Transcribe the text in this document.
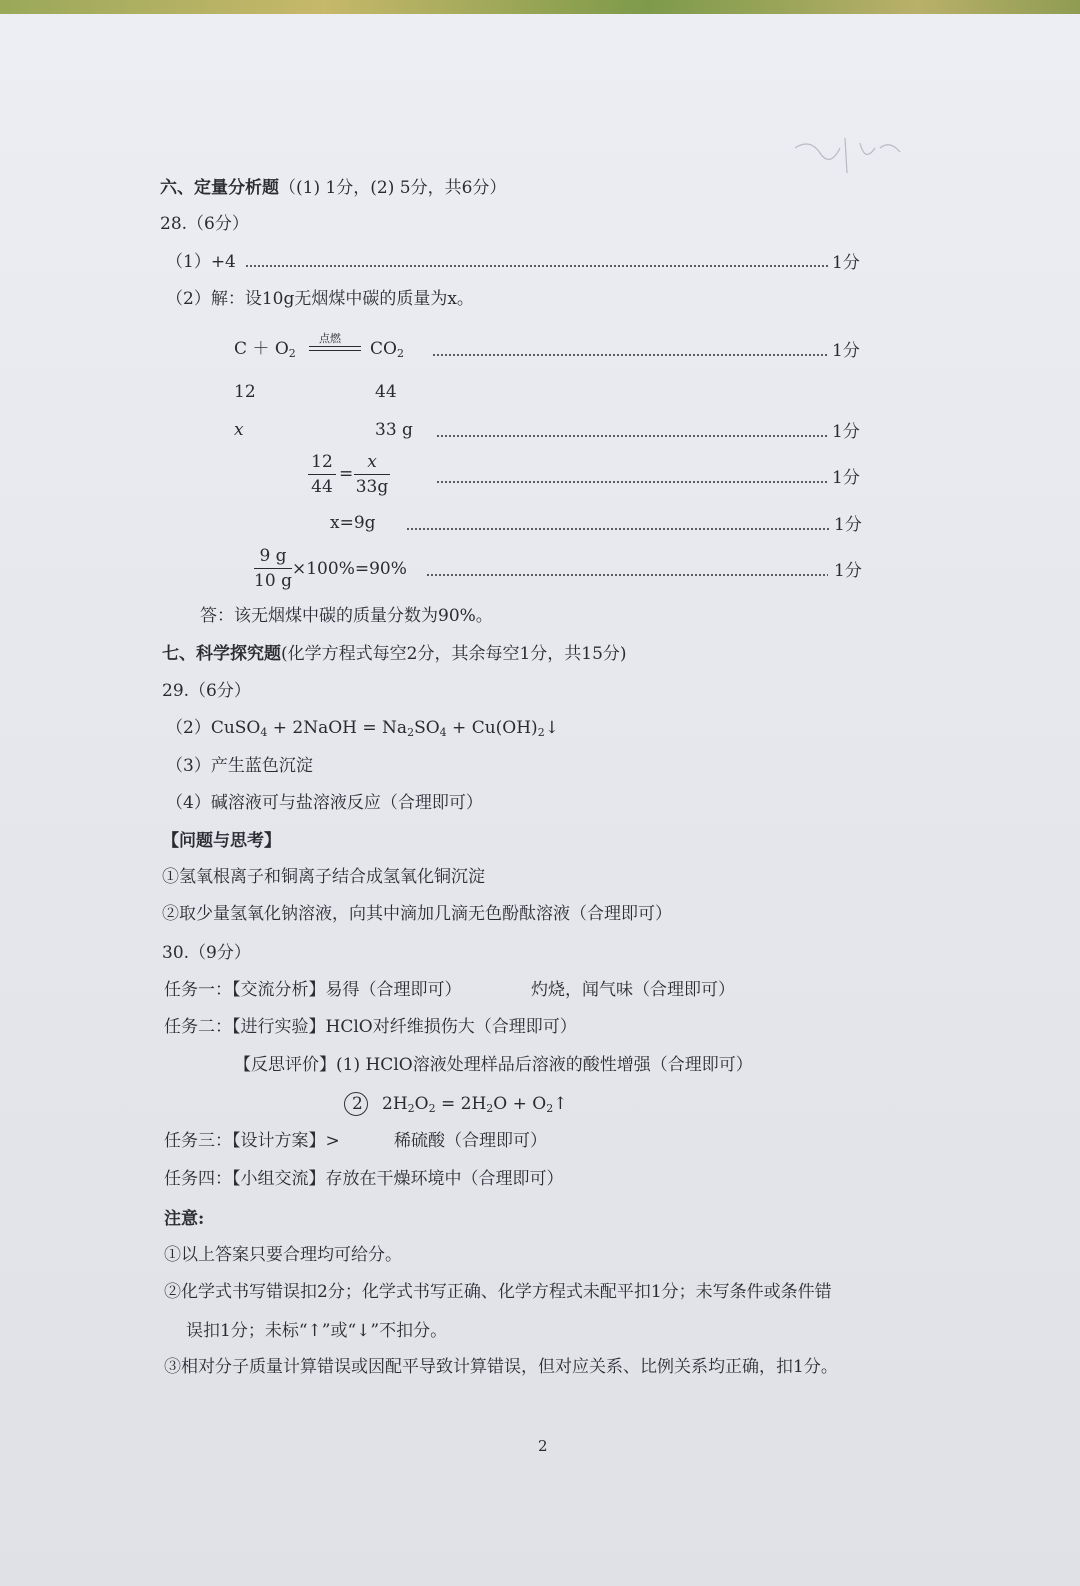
六、定量分析题（(1) 1分，(2) 5分，共6分）
28.（6分）
（1）+4	1分
（2）解：设10g无烟煤中碳的质量为x。
$C + O_2$
点燃
$CO_2$	1分
12	44
x	33 g	1分
$\frac{12}{44} = \frac{x}{33g}$	1分
x=9g	1分
$\frac{9 g}{10 g} \times 100\%=90\%$	1分
答：该无烟煤中碳的质量分数为90%。
七、科学探究题(化学方程式每空2分，其余每空1分，共15分)
29.（6分）
（2）CuSO$_4$ + 2NaOH = $Na_2SO_4$ + $Cu(OH)_2↓$
（3）产生蓝色沉淀
（4）碱溶液可与盐溶液反应（合理即可）
【问题与思考】
①氢氧根离子和铜离子结合成氢氧化铜沉淀
②取少量氢氧化钠溶液，向其中滴加几滴无色酚酞溶液（合理即可）
30.（9分）
任务一：【交流分析】易得（合理即可）	灼烧，闻气味（合理即可）
任务二：【进行实验】HClO对纤维损伤大（合理即可）
【反思评价】(1) HClO溶液处理样品后溶液的酸性增强（合理即可）
2 $2H_2O_2 = 2H_2O$ + $O_2↑$
任务三：【设计方案】>	稀硫酸（合理即可）
任务四：【小组交流】存放在干燥环境中（合理即可）
注意:
①以上答案只要合理均可给分。
②化学式书写错误扣2分；化学式书写正确、化学方程式未配平扣1分；未写条件或条件错
误扣1分；未标“↑”或“↓”不扣分。
③相对分子质量计算错误或因配平导致计算错误，但对应关系、比例关系均正确，扣1分。
2
